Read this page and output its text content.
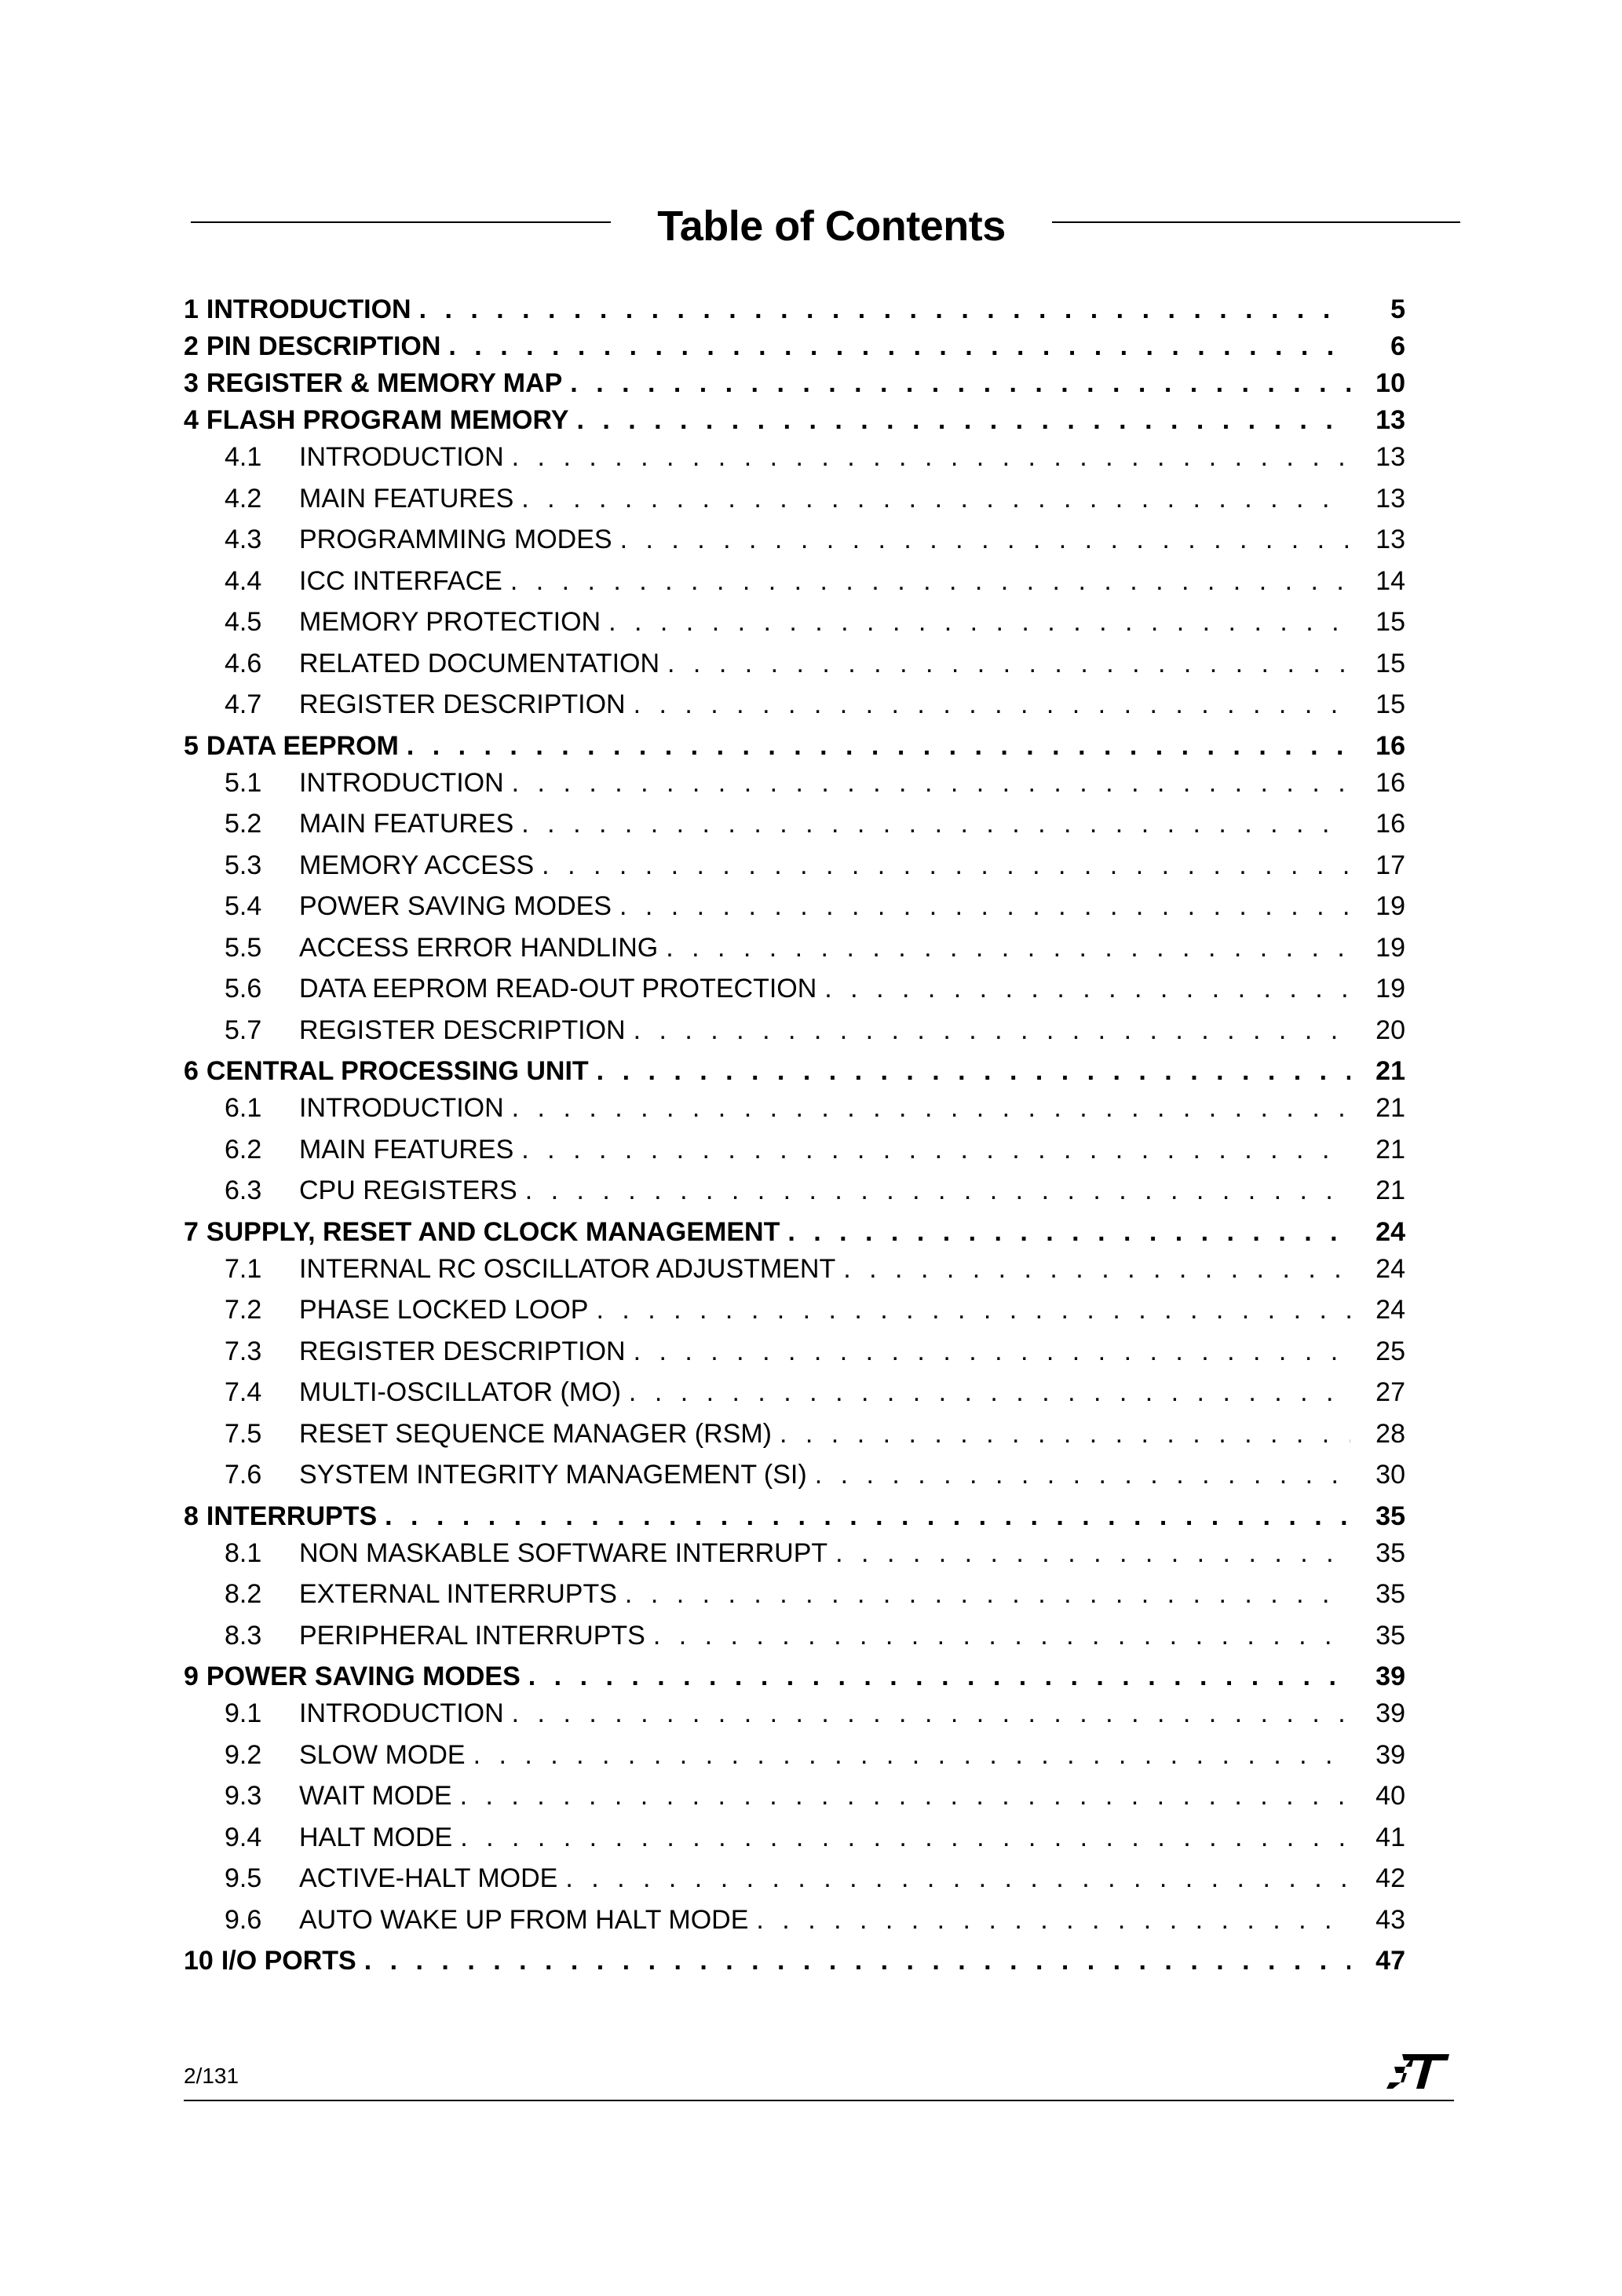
Table of Contents
1 INTRODUCTION . . .	5
2 PIN DESCRIPTION . . .	6
3 REGISTER & MEMORY MAP . . .	10
4 FLASH PROGRAM MEMORY . . .	13
4.1 INTRODUCTION . . .	13
4.2 MAIN FEATURES . . .	13
4.3 PROGRAMMING MODES . . .	13
4.4 ICC INTERFACE . . .	14
4.5 MEMORY PROTECTION . . .	15
4.6 RELATED DOCUMENTATION . . .	15
4.7 REGISTER DESCRIPTION . . .	15
5 DATA EEPROM . . .	16
5.1 INTRODUCTION . . .	16
5.2 MAIN FEATURES . . .	16
5.3 MEMORY ACCESS . . .	17
5.4 POWER SAVING MODES . . .	19
5.5 ACCESS ERROR HANDLING . . .	19
5.6 DATA EEPROM READ-OUT PROTECTION . . .	19
5.7 REGISTER DESCRIPTION . . .	20
6 CENTRAL PROCESSING UNIT . . .	21
6.1 INTRODUCTION . . .	21
6.2 MAIN FEATURES . . .	21
6.3 CPU REGISTERS . . .	21
7 SUPPLY, RESET AND CLOCK MANAGEMENT . . .	24
7.1 INTERNAL RC OSCILLATOR ADJUSTMENT . . .	24
7.2 PHASE LOCKED LOOP . . .	24
7.3 REGISTER DESCRIPTION . . .	25
7.4 MULTI-OSCILLATOR (MO) . . .	27
7.5 RESET SEQUENCE MANAGER (RSM) . . .	28
7.6 SYSTEM INTEGRITY MANAGEMENT (SI) . . .	30
8 INTERRUPTS . . .	35
8.1 NON MASKABLE SOFTWARE INTERRUPT . . .	35
8.2 EXTERNAL INTERRUPTS . . .	35
8.3 PERIPHERAL INTERRUPTS . . .	35
9 POWER SAVING MODES . . .	39
9.1 INTRODUCTION . . .	39
9.2 SLOW MODE . . .	39
9.3 WAIT MODE . . .	40
9.4 HALT MODE . . .	41
9.5 ACTIVE-HALT MODE . . .	42
9.6 AUTO WAKE UP FROM HALT MODE . . .	43
10 I/O PORTS . . .	47
2/131
